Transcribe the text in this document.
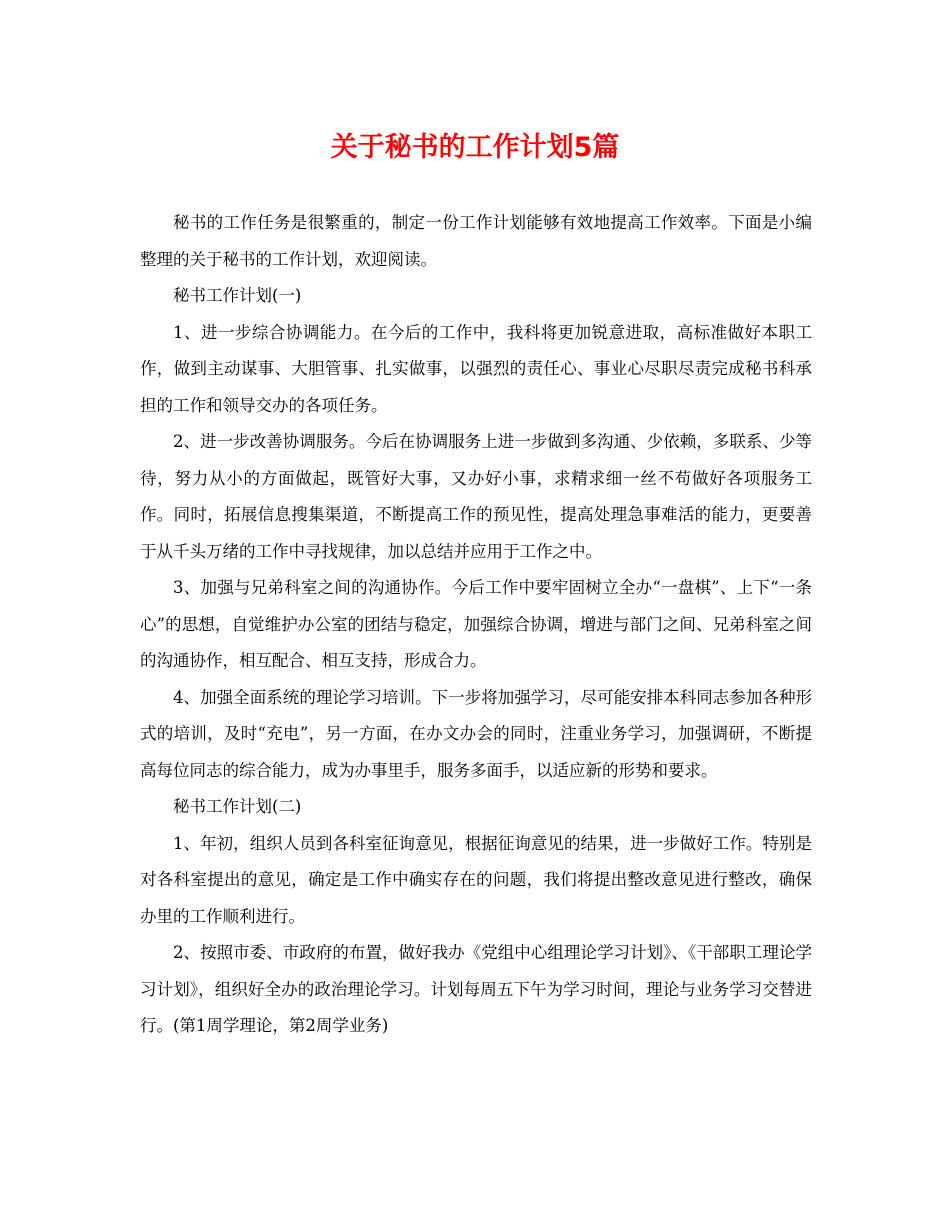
关于秘书的工作计划5篇

秘书的工作任务是很繁重的，制定一份工作计划能够有效地提高工作效率。下面是小编整理的关于秘书的工作计划，欢迎阅读。

秘书工作计划(一)

1、进一步综合协调能力。在今后的工作中，我科将更加锐意进取，高标准做好本职工作，做到主动谋事、大胆管事、扎实做事，以强烈的责任心、事业心尽职尽责完成秘书科承担的工作和领导交办的各项任务。

2、进一步改善协调服务。今后在协调服务上进一步做到多沟通、少依赖，多联系、少等待，努力从小的方面做起，既管好大事，又办好小事，求精求细一丝不苟做好各项服务工作。同时，拓展信息搜集渠道，不断提高工作的预见性，提高处理急事难活的能力，更要善于从千头万绪的工作中寻找规律，加以总结并应用于工作之中。

3、加强与兄弟科室之间的沟通协作。今后工作中要牢固树立全办“一盘棋”、上下“一条心”的思想，自觉维护办公室的团结与稳定，加强综合协调，增进与部门之间、兄弟科室之间的沟通协作，相互配合、相互支持，形成合力。

4、加强全面系统的理论学习培训。下一步将加强学习，尽可能安排本科同志参加各种形式的培训，及时“充电”，另一方面，在办文办会的同时，注重业务学习，加强调研，不断提高每位同志的综合能力，成为办事里手，服务多面手，以适应新的形势和要求。

秘书工作计划(二)

1、年初，组织人员到各科室征询意见，根据征询意见的结果，进一步做好工作。特别是对各科室提出的意见，确定是工作中确实存在的问题，我们将提出整改意见进行整改，确保办里的工作顺利进行。

2、按照市委、市政府的布置，做好我办《党组中心组理论学习计划》、《干部职工理论学习计划》，组织好全办的政治理论学习。计划每周五下午为学习时间，理论与业务学习交替进行。(第1周学理论，第2周学业务)
